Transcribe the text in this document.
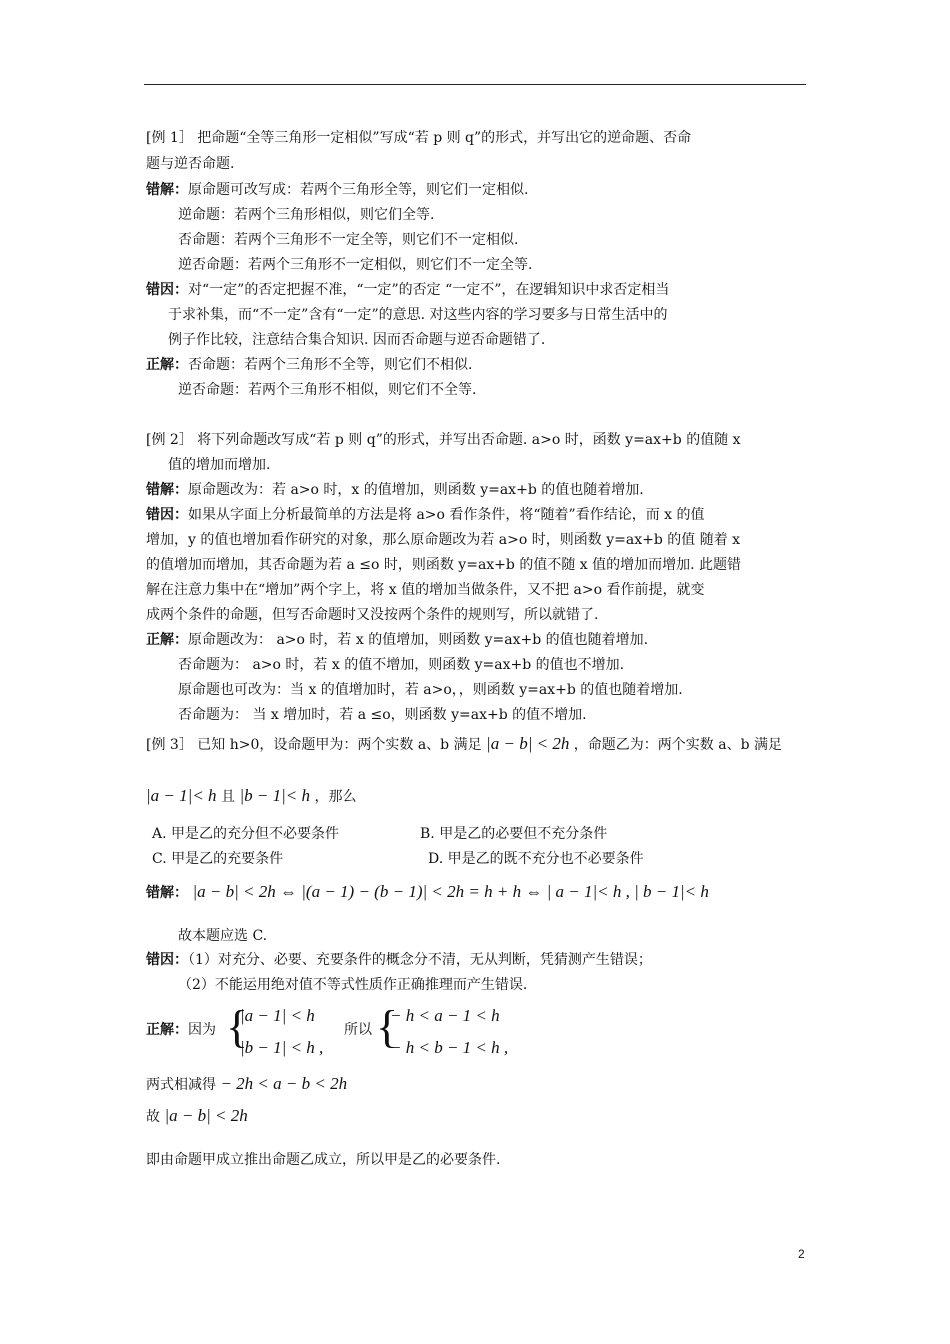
[例 1］ 把命题“全等三角形一定相似”写成“若 p 则 q”的形式，并写出它的逆命题、否命
题与逆否命题.
错解：原命题可改写成：若两个三角形全等，则它们一定相似.
逆命题：若两个三角形相似，则它们全等.
否命题：若两个三角形不一定全等，则它们不一定相似.
逆否命题：若两个三角形不一定相似，则它们不一定全等.
错因：对“一定”的否定把握不准，“一定”的否定 “一定不”，在逻辑知识中求否定相当
于求补集，而“不一定”含有“一定”的意思. 对这些内容的学习要多与日常生活中的
例子作比较，注意结合集合知识. 因而否命题与逆否命题错了.
正解：否命题：若两个三角形不全等，则它们不相似.
逆否命题：若两个三角形不相似，则它们不全等.
[例 2］ 将下列命题改写成“若 p 则 q”的形式，并写出否命题. a>o 时，函数 y=ax+b 的值随 x
值的增加而增加.
错解：原命题改为：若 a>o 时，x 的值增加，则函数 y=ax+b 的值也随着增加.
错因：如果从字面上分析最简单的方法是将 a>o 看作条件，将“随着”看作结论，而 x 的值
增加，y 的值也增加看作研究的对象，那么原命题改为若 a>o 时，则函数 y=ax+b 的值 随着 x
的值增加而增加，其否命题为若 a ≤o 时，则函数 y=ax+b 的值不随 x 值的增加而增加. 此题错
解在注意力集中在“增加”两个字上，将 x 值的增加当做条件，又不把 a>o 看作前提，就变
成两个条件的命题，但写否命题时又没按两个条件的规则写，所以就错了.
正解：原命题改为： a>o 时，若 x 的值增加，则函数 y=ax+b 的值也随着增加.
否命题为： a>o 时，若 x 的值不增加，则函数 y=ax+b 的值也不增加.
原命题也可改为：当 x 的值增加时，若 a>o，，则函数 y=ax+b 的值也随着增加.
否命题为： 当 x 增加时，若 a ≤o，则函数 y=ax+b 的值不增加.
[例 3］ 已知 h>0，设命题甲为：两个实数 a、b 满足 |a − b| < 2h ，命题乙为：两个实数 a、b 满足
|a − 1|< h 且 |b − 1|< h ，那么
A. 甲是乙的充分但不必要条件	B. 甲是乙的必要但不充分条件
C. 甲是乙的充要条件	D. 甲是乙的既不充分也不必要条件
错解： |a − b| < 2h ⇔ |(a − 1) − (b − 1)| < 2h = h + h ⇔ | a − 1|< h , | b − 1|< h
故本题应选 C.
错因：（1）对充分、必要、充要条件的概念分不清，无从判断，凭猜测产生错误；
（2）不能运用绝对值不等式性质作正确推理而产生错误.
正解：因为 {
|a − 1| < h
|b − 1| < h ,
所以 {
− h < a − 1 < h
− h < b − 1 < h ,
两式相减得 − 2h < a − b < 2h
故 |a − b| < 2h
即由命题甲成立推出命题乙成立，所以甲是乙的必要条件.
2
